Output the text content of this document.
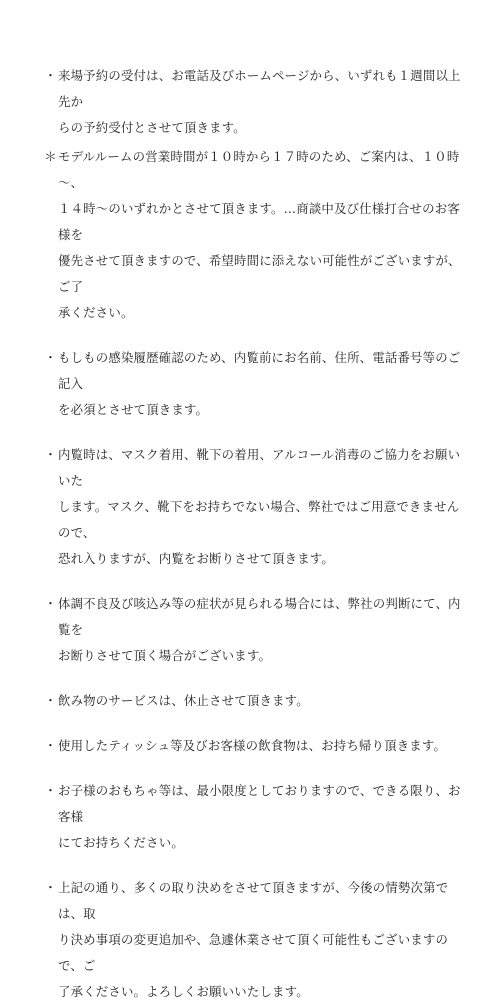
・ 来場予約の受付は、お電話及びホームページから、いずれも１週間以上先か
らの予約受付とさせて頂きます。
＊ モデルルームの営業時間が１０時から１７時のため、ご案内は、１０時～、
１４時～のいずれかとさせて頂きます。…商談中及び仕様打合せのお客様を
優先させて頂きますので、希望時間に添えない可能性がございますが、ご了
承ください。
・ もしもの感染履歴確認のため、内覧前にお名前、住所、電話番号等のご記入
を必須とさせて頂きます。
・ 内覧時は、マスク着用、靴下の着用、アルコール消毒のご協力をお願いいた
します。マスク、靴下をお持ちでない場合、弊社ではご用意できませんので、
恐れ入りますが、内覧をお断りさせて頂きます。
・ 体調不良及び咳込み等の症状が見られる場合には、弊社の判断にて、内覧を
お断りさせて頂く場合がございます。
・ 飲み物のサービスは、休止させて頂きます。
・ 使用したティッシュ等及びお客様の飲食物は、お持ち帰り頂きます。
・ お子様のおもちゃ等は、最小限度としておりますので、できる限り、お客様
にてお持ちください。
・ 上記の通り、多くの取り決めをさせて頂きますが、今後の情勢次第では、取
り決め事項の変更追加や、急遽休業させて頂く可能性もございますので、ご
了承ください。よろしくお願いいたします。
